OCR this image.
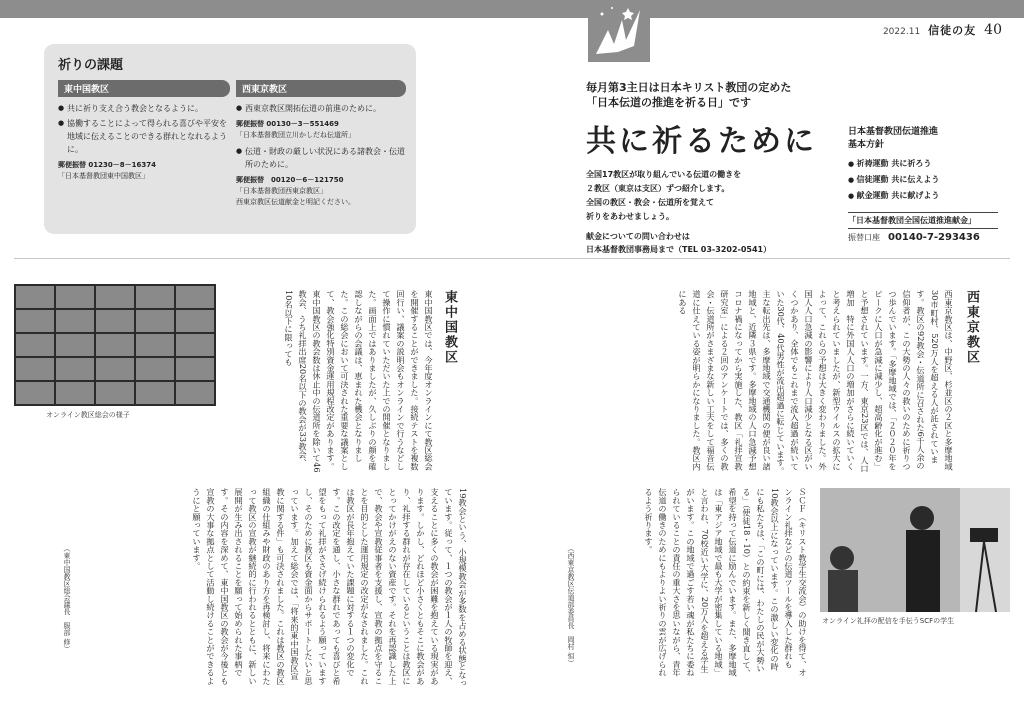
2022.11 信徒の友 40
祈りの課題
東中国教区
● 共に祈り支え合う教会となるように。
● 協働することによって得られる喜びや平安を地域に伝えることのできる群れとなれるように。
郵便振替 01230－8－16374
「日本基督教団東中国教区」
西東京教区
● 西東京教区開拓伝道の前進のために。
郵便振替 00130－3－551469
「日本基督教団立川かしだね伝道所」
● 伝道・財政の厳しい状況にある諸教会・伝道所のために。
郵便振替　00120－6－121750
「日本基督教団西東京教区」
西東京教区伝道献金と明記ください。
毎月第3主日は日本キリスト教団の定めた
「日本伝道の推進を祈る日」です
共に祈るために
全国17教区が取り組んでいる伝道の働きを
２教区（東京は支区）ずつ紹介します。
全国の教区・教会・伝道所を覚えて
祈りをあわせましょう。
献金についての問い合わせは
日本基督教団事務局まで（TEL 03-3202-0541）
日本基督教団伝道推進
基本方針
● 祈祷運動 共に祈ろう
● 信徒運動 共に伝えよう
● 献金運動 共に献げよう
「日本基督教団全国伝道推進献金」
振替口座　 00140-7-293436
西東京教区
西東京教区は、中野区、杉並区の２区と多摩地域30市町村、520万人を超える人が託されています。教区の92教会・伝道所に召された6千人余の信仰者が、この大勢の人々の救いのために祈りつつ歩んでいます。「多摩地域では、「２０２０年をピークに人口が急減に減少し、超高齢化が進む」と予想されています。一方、東京23区では、人口増加　特に外国人人口の増加がさらに続いていくと考えられていましたが、新型ウイルスの拡大によって、これらの予想は大きく変わりました。外国人人口急減の影響により人口減少となる区がいくつかあり、全体でもこれまで流入超過が続いていた30代、40代男性が流出超過に転じています。主な転出先は、多摩地域で交通機関の便が良い諸地域と、近隣３県です。多摩地域の人口急減予想
コロナ禍になってから実施した、教区「礼拝宣教研究室」による２回のアンケートでは、多くの教会・伝道所がさまざまな新しい工夫をして福音伝道に仕えている姿が明らかになりました。教区内にある
ＳＣＦ（キリスト教学生交流会）の助けを得て、オンライン礼拝などの伝道ツールを導入した群れも10教会以上になっています。この激しい変化の時にも私たちは、「この町には、わたしの民が大勢いる」（使徒18・10）との約束を新しく聞き直して、希望を持って伝道に励んでいます。また、多摩地域は「東アジア地域で最も大学が密集している地域」と言われ、70校近い大学に、20万人を超える学生がいます。この地域で過ごす若い魂が私たちに委ねられていることの責任の重大さを思いながら、青年伝道の働きのためにもよりよい祈りの雲が広げられるよう祈ります。
（西東京教区伝道部委員長　岡村 恒）	オンライン礼拝の配信を手伝うSCFの学生
東中国教区
東中国教区では、今年度オンラインにて教区総会を開催することができました。接続テストを複数回行い、議案の説明会もオンラインで行うなどして操作に慣れていただいた上での開催となりました。画面上ではありましたが、久しぶりの顔を確認しながらの会議は、恵まれた機会となりました。この総会において可決された重要な議案として、教会強化特別資金運用規程改定があります。東中国教区の教会数は休止中の伝道所を除いて46教会、うち礼拝出席20名以下の教会が33教会、10名以下に限っても
19教会という、小規模教会が多数を占める状態となっています。従って、１つの教会が１人の牧師を迎え、支えることに多くの教会が困難を抱えている現実があります。しかし、どれほど小さくともそこに教会があり、礼拝する群れが存在しているということは教区にとってかけがえのない資産です。それを再認識した上で、教会や宣教従事者を支援し、宣教の拠点を守ることを目的とした運用規定の改定がなされました。これは教区が長年抱えていた課題に対する１つの変化です。この改定を通し、小さな群れであっても喜びと希望をもって礼拝がささげ続けられるよう願っていますし、そのために教区も資金面からサポートしたいと思っています。加えて総会では、「将来的東中国教区宣教に関する件」も可決されました。これは教区の教区組織の仕組みや財政のあり方を再検討し、将来にわたって教区の宣教が継続的に行われるとともに、新しい展開が生み出されることを願って始められた事柄です。その内容を深めて、東中国教区の教会が今後とも宣教の大事な拠点として活動し続けることができるようにと願っています。
（東中国教区総会議長　服部 修）
オンライン教区総会の様子
